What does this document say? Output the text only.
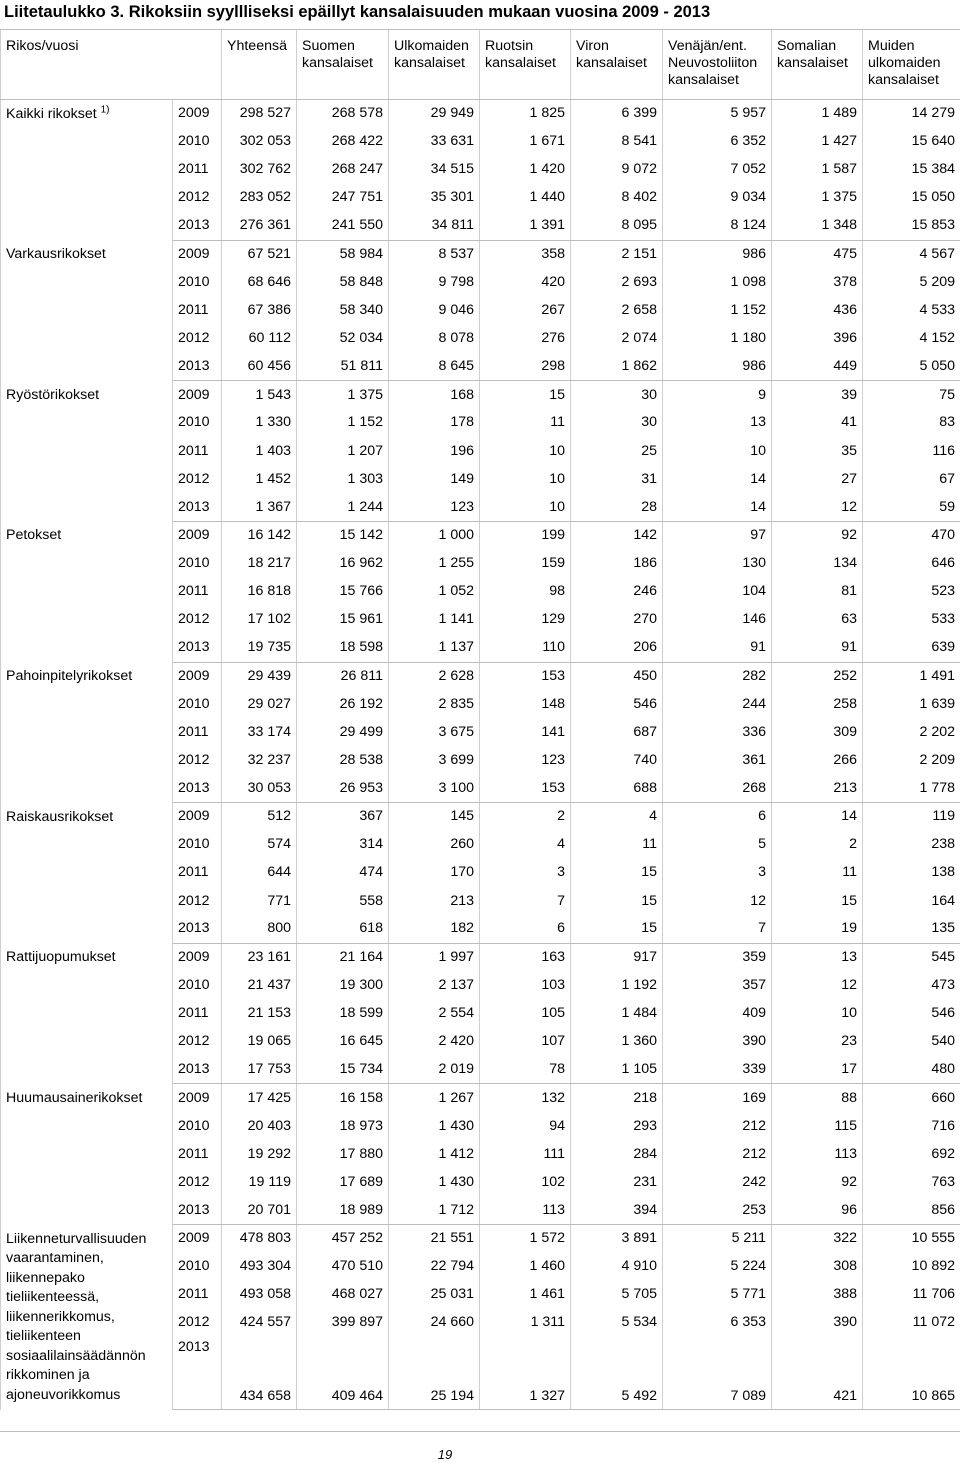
Liitetaulukko 3. Rikoksiin syyllliseksi epäillyt kansalaisuuden mukaan vuosina 2009 - 2013
Rikos/vuosi		Yhteensä	Suomen kansalaiset	Ulkomaiden kansalaiset	Ruotsin kansalaiset	Viron kansalaiset	Venäjän/ent. Neuvostoliiton kansalaiset	Somalian kansalaiset	Muiden ulkomaiden kansalaiset
Kaikki rikokset $^{1)}$	2009	298 527	268 578	29 949	1 825	6 399	5 957	1 489	14 279
	2010	302 053	268 422	33 631	1 671	8 541	6 352	1 427	15 640
	2011	302 762	268 247	34 515	1 420	9 072	7 052	1 587	15 384
	2012	283 052	247 751	35 301	1 440	8 402	9 034	1 375	15 050
	2013	276 361	241 550	34 811	1 391	8 095	8 124	1 348	15 853
Varkausrikokset	2009	67 521	58 984	8 537	358	2 151	986	475	4 567
	2010	68 646	58 848	9 798	420	2 693	1 098	378	5 209
	2011	67 386	58 340	9 046	267	2 658	1 152	436	4 533
	2012	60 112	52 034	8 078	276	2 074	1 180	396	4 152
	2013	60 456	51 811	8 645	298	1 862	986	449	5 050
Ryöstörikokset	2009	1 543	1 375	168	15	30	9	39	75
	2010	1 330	1 152	178	11	30	13	41	83
	2011	1 403	1 207	196	10	25	10	35	116
	2012	1 452	1 303	149	10	31	14	27	67
	2013	1 367	1 244	123	10	28	14	12	59
Petokset	2009	16 142	15 142	1 000	199	142	97	92	470
	2010	18 217	16 962	1 255	159	186	130	134	646
	2011	16 818	15 766	1 052	98	246	104	81	523
	2012	17 102	15 961	1 141	129	270	146	63	533
	2013	19 735	18 598	1 137	110	206	91	91	639
Pahoinpitelyrikokset	2009	29 439	26 811	2 628	153	450	282	252	1 491
	2010	29 027	26 192	2 835	148	546	244	258	1 639
	2011	33 174	29 499	3 675	141	687	336	309	2 202
	2012	32 237	28 538	3 699	123	740	361	266	2 209
	2013	30 053	26 953	3 100	153	688	268	213	1 778
Raiskausrikokset	2009	512	367	145	2	4	6	14	119
	2010	574	314	260	4	11	5	2	238
	2011	644	474	170	3	15	3	11	138
	2012	771	558	213	7	15	12	15	164
	2013	800	618	182	6	15	7	19	135
Rattijuopumukset	2009	23 161	21 164	1 997	163	917	359	13	545
	2010	21 437	19 300	2 137	103	1 192	357	12	473
	2011	21 153	18 599	2 554	105	1 484	409	10	546
	2012	19 065	16 645	2 420	107	1 360	390	23	540
	2013	17 753	15 734	2 019	78	1 105	339	17	480
Huumausainerikokset	2009	17 425	16 158	1 267	132	218	169	88	660
	2010	20 403	18 973	1 430	94	293	212	115	716
	2011	19 292	17 880	1 412	111	284	212	113	692
	2012	19 119	17 689	1 430	102	231	242	92	763
	2013	20 701	18 989	1 712	113	394	253	96	856
Liikenneturvallisuuden vaarantaminen, liikennepako tieliikenteessä, liikennerikkomus, tieliikenteen sosiaalilainsäädännön rikkominen ja ajoneuvorikkomus	2009	478 803	457 252	21 551	1 572	3 891	5 211	322	10 555
	2010	493 304	470 510	22 794	1 460	4 910	5 224	308	10 892
	2011	493 058	468 027	25 031	1 461	5 705	5 771	388	11 706
	2012	424 557	399 897	24 660	1 311	5 534	6 353	390	11 072
	2013	434 658	409 464	25 194	1 327	5 492	7 089	421	10 865
19
